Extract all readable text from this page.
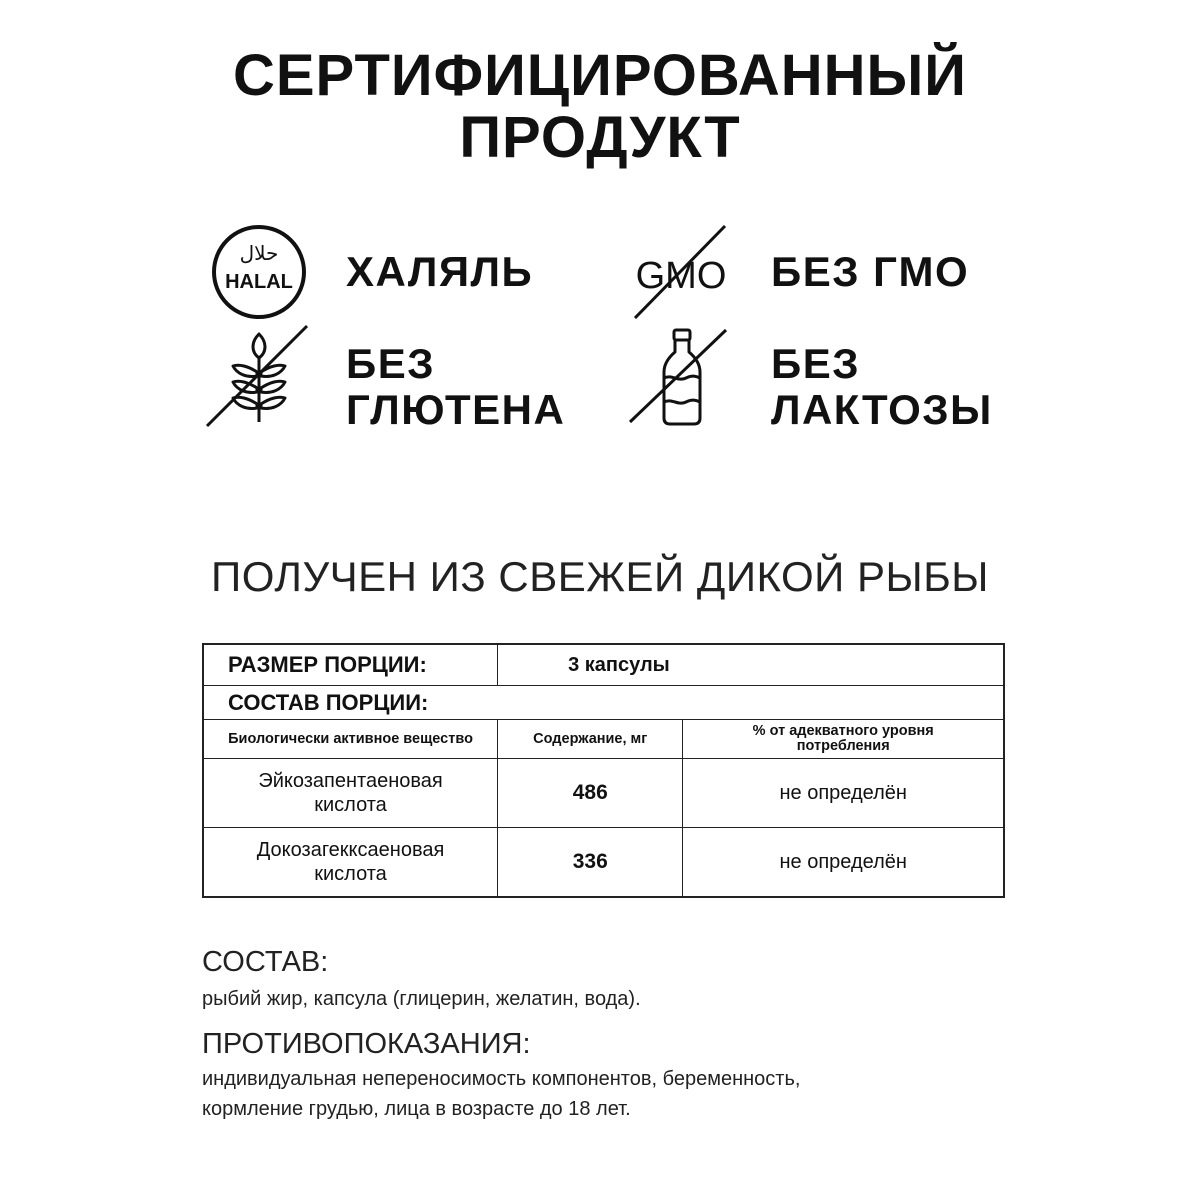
СЕРТИФИЦИРОВАННЫЙ
ПРОДУКТ
حلال
HALAL ХАЛЯЛЬ	GMO БЕЗ ГМО
БЕЗ
ГЛЮТЕНА
БЕЗ
ЛАКТОЗЫ
ПОЛУЧЕН ИЗ СВЕЖЕЙ ДИКОЙ РЫБЫ
РАЗМЕР ПОРЦИИ:	3 капсулы	
СОСТАВ ПОРЦИИ:		
Биологически активное вещество	Содержание, мг	% от адекватного уровня потребления

Эйкозапентаеновая
кислота	486	не определён

Докозагекксаеновая
кислота	336	не определён
СОСТАВ:
рыбий жир, капсула (глицерин, желатин, вода).
ПРОТИВОПОКАЗАНИЯ:
индивидуальная непереносимость компонентов, беременность,
кормление грудью, лица в возрасте до 18 лет.
